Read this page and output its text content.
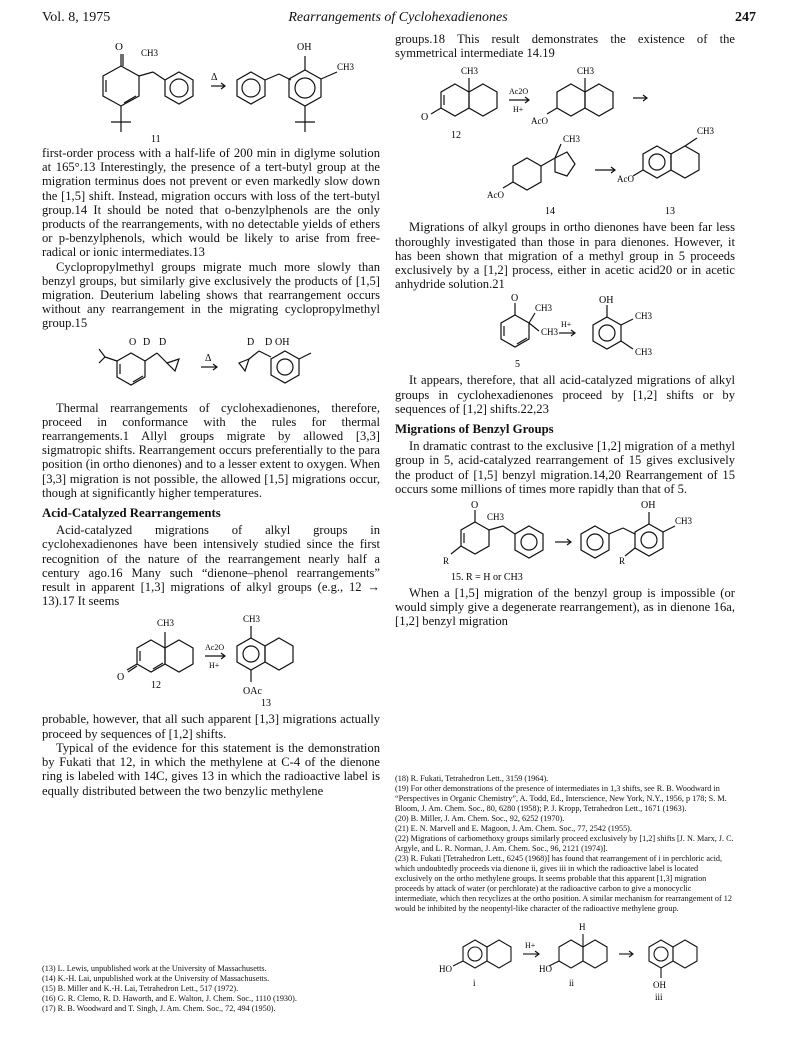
Vol. 8, 1975	Rearrangements of Cyclohexadienones	247
O CH3
Δ
OH
CH3
11

first-order process with a half-life of 200 min in diglyme solution at 165°.13 Interestingly, the presence of a tert-butyl group at the migration terminus does not prevent or even markedly slow down the [1,5] shift. Instead, migration occurs with loss of the tert-butyl group.14 It should be noted that o-benzylphenols are the only products of the rearrangements, with no detectable yields of ethers or p-benzylphenols, which would be likely to arise from free-radical or ionic intermediates.13

Cyclopropylmethyl groups migrate much more slowly than benzyl groups, but similarly give exclusively the products of [1,5] migration. Deuterium labeling shows that rearrangement occurs without any rearrangement in the migrating cyclopropylmethyl group.15

O D D
Δ
D D OH

Thermal rearrangements of cyclohexadienones, therefore, proceed in conformance with the rules for thermal rearrangements.1 Allyl groups migrate by allowed [3,3] sigmatropic shifts. Rearrangement occurs preferentially to the para position (in ortho dienones) and to a lesser extent to oxygen. When [3,3] migration is not possible, the allowed [1,5] migrations occur, though at significantly higher temperatures.

Acid-Catalyzed Rearrangements

Acid-catalyzed migrations of alkyl groups in cyclohexadienones have been intensively studied since the first recognition of the nature of the rearrangement nearly half a century ago.16 Many such “dienone–phenol rearrangements” result in apparent [1,3] migrations of alkyl groups (e.g., 12 → 13).17 It seems

CH3
O
Ac2O
H+
CH3
OAc
12
13

probable, however, that all such apparent [1,3] migrations actually proceed by sequences of [1,2] shifts.

Typical of the evidence for this statement is the demonstration by Fukati that 12, in which the methylene at C-4 of the dienone ring is labeled with 14C, gives 13 in which the radioactive label is equally distributed between the two benzylic methylene

(13) L. Lewis, unpublished work at the University of Massachusetts.

(14) K.-H. Lai, unpublished work at the University of Massachusetts.

(15) B. Miller and K.-H. Lai, Tetrahedron Lett., 517 (1972).

(16) G. R. Clemo, R. D. Haworth, and E. Walton, J. Chem. Soc., 1110 (1930).

(17) R. B. Woodward and T. Singh, J. Am. Chem. Soc., 72, 494 (1950).

groups.18 This result demonstrates the existence of the symmetrical intermediate 14.19

CH3	CH3
O
Ac2O
H+
AcO
12	CH3
AcO
AcO
CH3
14	13

Migrations of alkyl groups in ortho dienones have been far less thoroughly investigated than those in para dienones. However, it has been shown that migration of a methyl group in 5 proceeds exclusively by a [1,2] process, either in acetic acid20 or in acetic anhydride solution.21

O
CH3
CH3
H+
OH
CH3
CH3
5

It appears, therefore, that all acid-catalyzed migrations of alkyl groups in cyclohexadienones proceed by [1,2] shifts or by sequences of [1,2] shifts.22,23

Migrations of Benzyl Groups

In dramatic contrast to the exclusive [1,2] migration of a methyl group in 5, acid-catalyzed rearrangement of 15 gives exclusively the product of [1,5] benzyl migration.14,20 Rearrangement of 15 occurs some millions of times more rapidly than that of 5.

O
CH3
R
OH
CH3
R
15. R = H or CH3

When a [1,5] migration of the benzyl group is impossible (or would simply give a degenerate rearrangement), as in dienone 16a, [1,2] benzyl migration

(18) R. Fukati, Tetrahedron Lett., 3159 (1964).

(19) For other demonstrations of the presence of intermediates in 1,3 shifts, see R. B. Woodward in “Perspectives in Organic Chemistry”, A. Todd, Ed., Interscience, New York, N.Y., 1956, p 178; S. M. Bloom, J. Am. Chem. Soc., 80, 6280 (1958); P. J. Kropp, Tetrahedron Lett., 1671 (1963).

(20) B. Miller, J. Am. Chem. Soc., 92, 6252 (1970).

(21) E. N. Marvell and E. Magoon, J. Am. Chem. Soc., 77, 2542 (1955).

(22) Migrations of carbomethoxy groups similarly proceed exclusively by [1,2] shifts [J. N. Marx, J. C. Argyle, and L. R. Norman, J. Am. Chem. Soc., 96, 2121 (1974)].

(23) R. Fukati [Tetrahedron Lett., 6245 (1968)] has found that rearrangement of i in perchloric acid, which undoubtedly proceeds via dienone ii, gives iii in which the radioactive label is located exclusively on the ortho methylene groups. It seems probable that this apparent [1,3] migration proceeds by attack of water (or perchlorate) at the radioactive carbon to give a monocyclic intermediate, which then recyclizes at the ortho position. A similar mechanism for rearrangement of 12 would be inhibited by the neopentyl-like character of the radioactive methylene group.

H
H+
HO	HO
OH
i	ii
iii
